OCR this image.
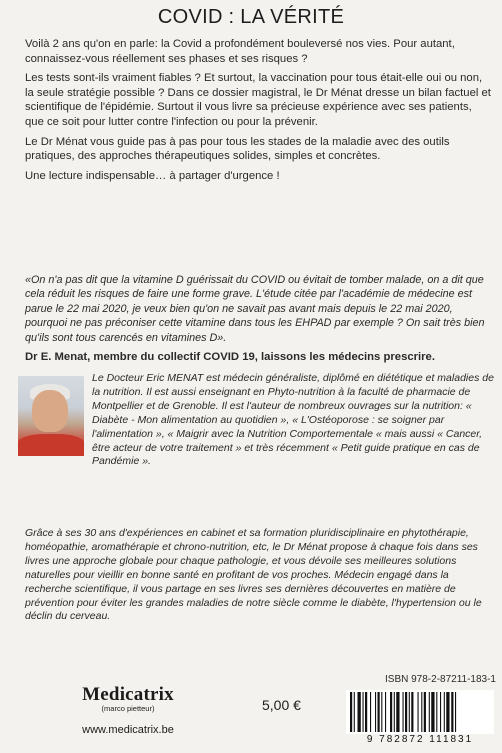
COVID : LA VÉRITÉ

Voilà 2 ans qu'on en parle: la Covid a profondément bouleversé nos vies. Pour autant, connaissez-vous réellement ses phases et ses risques ?

Les tests sont-ils vraiment fiables ? Et surtout, la vaccination pour tous était-elle oui ou non, la seule stratégie possible ? Dans ce dossier magistral, le Dr Ménat dresse un bilan factuel et scientifique de l'épidémie. Surtout il vous livre sa précieuse expérience avec ses patients, que ce soit pour lutter contre l'infection ou pour la prévenir.

Le Dr Ménat vous guide pas à pas pour tous les stades de la maladie avec des outils pratiques, des approches thérapeutiques solides, simples et concrètes.

Une lecture indispensable… à partager d'urgence !

«On n'a pas dit que la vitamine D guérissait du COVID ou évitait de tomber malade, on a dit que cela réduit les risques de faire une forme grave. L'étude citée par l'académie de médecine est parue le 22 mai 2020, je veux bien qu'on ne savait pas avant mais depuis le 22 mai 2020, pourquoi ne pas préconiser cette vitamine dans tous les EHPAD par exemple ? On sait très bien qu'ils sont tous carencés en vitamines D».

Dr E. Menat, membre du collectif COVID 19, laissons les médecins prescrire.

Le Docteur Eric MENAT est médecin généraliste, diplômé en diététique et maladies de la nutrition. Il est aussi enseignant en Phyto-nutrition à la faculté de pharmacie de Montpellier et de Grenoble. Il est l'auteur de nombreux ouvrages sur la nutrition: « Diabète - Mon alimentation au quotidien », « L'Ostéoporose : se soigner par l'alimentation », « Maigrir avec la Nutrition Comportementale « mais aussi « Cancer, être acteur de votre traitement » et très récemment « Petit guide pratique en cas de Pandémie ».

Grâce à ses 30 ans d'expériences en cabinet et sa formation pluridisciplinaire en phytothérapie, homéopathie, aromathérapie et chrono-nutrition, etc, le Dr Ménat propose à chaque fois dans ses livres une approche globale pour chaque pathologie, et vous dévoile ses meilleures solutions naturelles pour vieillir en bonne santé en profitant de vos proches. Médecin engagé dans la recherche scientifique, il vous partage en ses livres ses dernières découvertes en matière de prévention pour éviter les grandes maladies de notre siècle comme le diabète, l'hypertension ou le déclin du cerveau.

Medicatrix
(marco pietteur)
www.medicatrix.be
5,00 €
ISBN 978-2-87211-183-1
9 782872 111831
